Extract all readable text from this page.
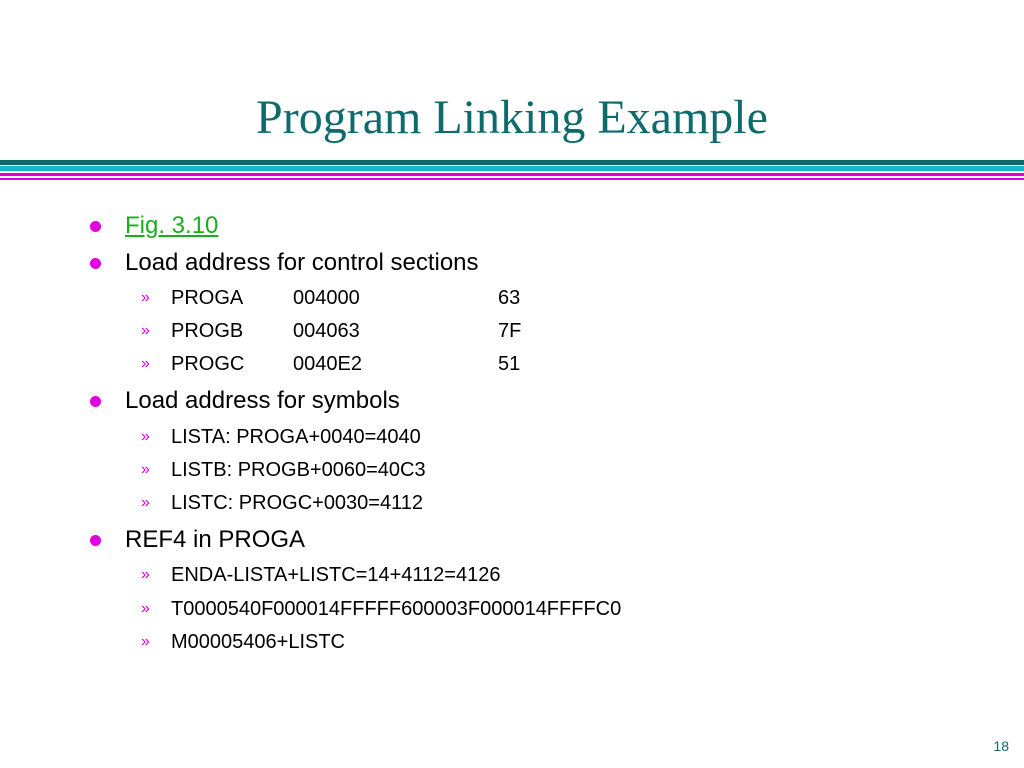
Program Linking Example
Fig. 3.10
Load address for control sections
»	PROGA	004000	63
»	PROGB	004063	7F
»	PROGC	0040E2	51
Load address for symbols
»	LISTA: PROGA+0040=4040
»	LISTB: PROGB+0060=40C3
»	LISTC: PROGC+0030=4112
REF4 in PROGA
»	ENDA-LISTA+LISTC=14+4112=4126
»	T0000540F000014FFFFF600003F000014FFFFC0
»	M00005406+LISTC
18
